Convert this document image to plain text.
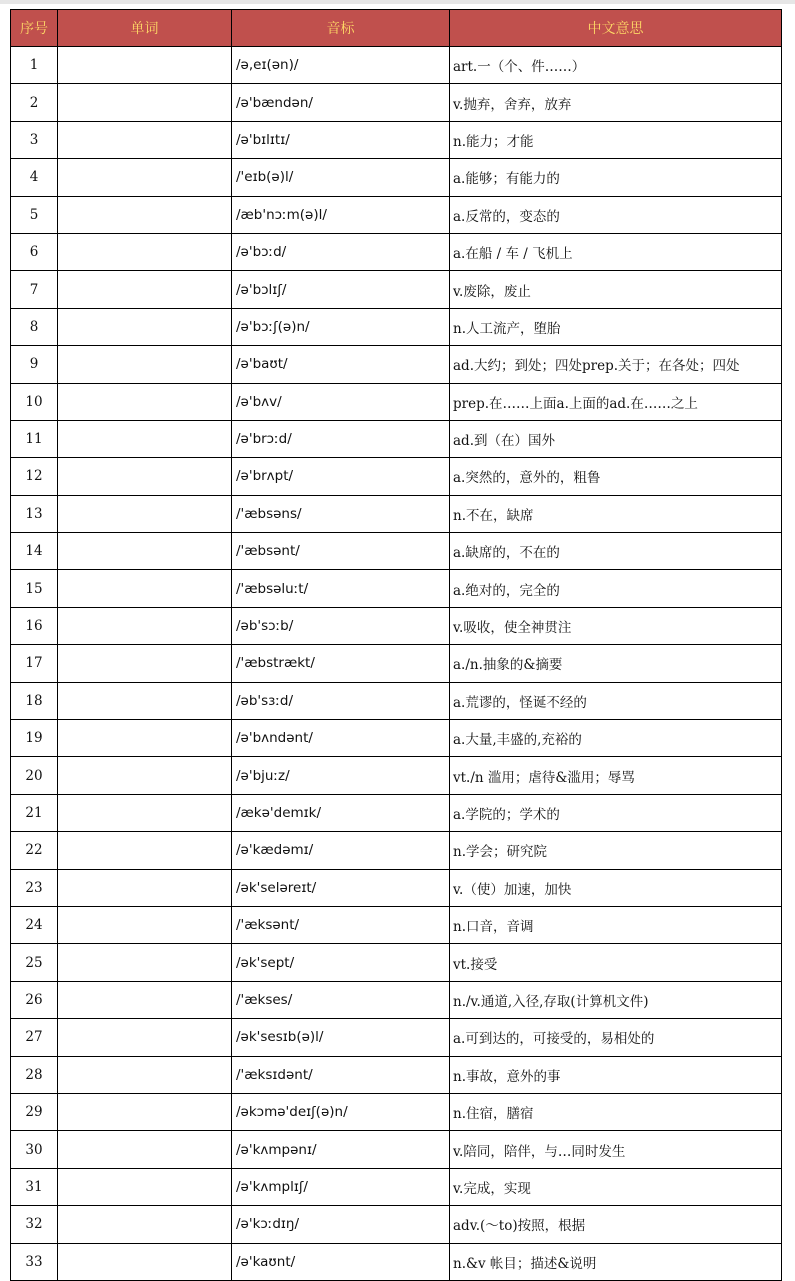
序号	单词	音标	中文意思
1		/ə,eɪ(ən)/	art.一（个、件……）
2		/ə'bændən/	v.抛弃，舍弃，放弃
3		/ə'bɪlɪtɪ/	n.能力；才能
4		/'eɪb(ə)l/	a.能够；有能力的
5		/æb'nɔːm(ə)l/	a.反常的，变态的
6		/ə'bɔːd/	a.在船 / 车 / 飞机上
7		/ə'bɔlɪʃ/	v.废除，废止
8		/ə'bɔːʃ(ə)n/	n.人工流产，堕胎
9		/ə'baʊt/	ad.大约；到处；四处prep.关于；在各处；四处
10		/ə'bʌv/	prep.在……上面a.上面的ad.在……之上
11		/ə'brɔːd/	ad.到（在）国外
12		/ə'brʌpt/	a.突然的，意外的，粗鲁
13		/'æbsəns/	n.不在，缺席
14		/'æbsənt/	a.缺席的，不在的
15		/'æbsəluːt/	a.绝对的，完全的
16		/əb'sɔːb/	v.吸收，使全神贯注
17		/'æbstrækt/	a./n.抽象的&摘要
18		/əb'sɜːd/	a.荒谬的，怪诞不经的
19		/ə'bʌndənt/	a.大量,丰盛的,充裕的
20		/ə'bjuːz/	vt./n 滥用；虐待&滥用；辱骂
21		/ækə'demɪk/	a.学院的；学术的
22		/ə'kædəmɪ/	n.学会；研究院
23		/ək'seləreɪt/	v.（使）加速，加快
24		/'æksənt/	n.口音，音调
25		/ək'sept/	vt.接受
26		/'ækses/	n./v.通道,入径,存取(计算机文件)
27		/ək'sesɪb(ə)l/	a.可到达的，可接受的，易相处的
28		/'æksɪdənt/	n.事故，意外的事
29		/əkɔmə'deɪʃ(ə)n/	n.住宿，膳宿
30		/ə'kʌmpənɪ/	v.陪同，陪伴，与…同时发生
31		/ə'kʌmplɪʃ/	v.完成，实现
32		/ə'kɔːdɪŋ/	adv.(～to)按照，根据
33		/ə'kaʊnt/	n.&v 帐目；描述&说明
